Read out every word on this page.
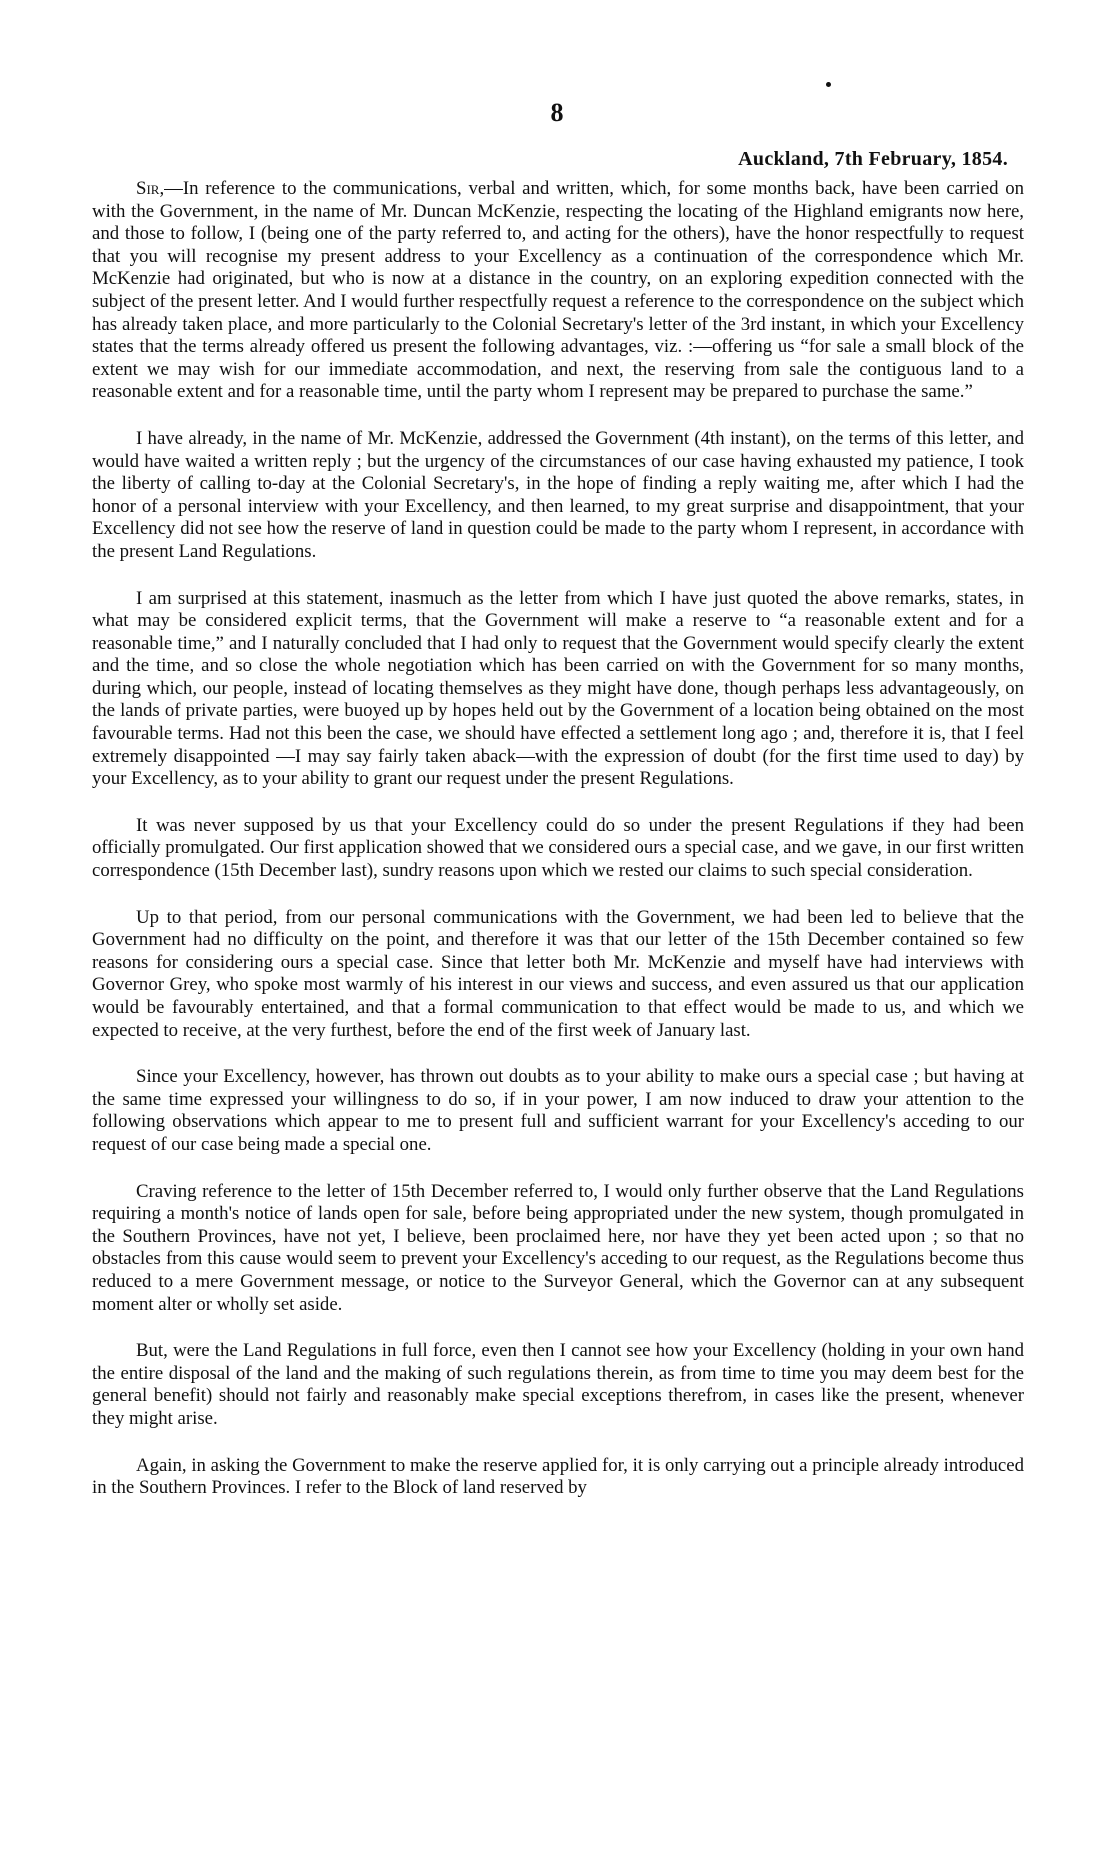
8
Auckland, 7th February, 1854.

Sir,—In reference to the communications, verbal and written, which, for some months back, have been carried on with the Government, in the name of Mr. Duncan McKenzie, respecting the locating of the Highland emigrants now here, and those to follow, I (being one of the party referred to, and acting for the others), have the honor respectfully to request that you will recognise my present address to your Excellency as a continuation of the correspondence which Mr. McKenzie had originated, but who is now at a distance in the country, on an exploring expedition connected with the subject of the present letter. And I would further respectfully request a reference to the correspondence on the subject which has already taken place, and more particularly to the Colonial Secretary's letter of the 3rd instant, in which your Excellency states that the terms already offered us present the following advantages, viz. :—offering us “for sale a small block of the extent we may wish for our immediate accommodation, and next, the reserving from sale the contiguous land to a reasonable extent and for a reasonable time, until the party whom I represent may be prepared to purchase the same.”

I have already, in the name of Mr. McKenzie, addressed the Government (4th instant), on the terms of this letter, and would have waited a written reply ; but the urgency of the circumstances of our case having exhausted my patience, I took the liberty of calling to-day at the Colonial Secretary's, in the hope of finding a reply waiting me, after which I had the honor of a personal interview with your Excellency, and then learned, to my great surprise and disappointment, that your Excellency did not see how the reserve of land in question could be made to the party whom I represent, in accordance with the present Land Regulations.

I am surprised at this statement, inasmuch as the letter from which I have just quoted the above remarks, states, in what may be considered explicit terms, that the Government will make a reserve to “a reasonable extent and for a reasonable time,” and I naturally concluded that I had only to request that the Government would specify clearly the extent and the time, and so close the whole negotiation which has been carried on with the Government for so many months, during which, our people, instead of locating themselves as they might have done, though perhaps less advantageously, on the lands of private parties, were buoyed up by hopes held out by the Government of a location being obtained on the most favourable terms. Had not this been the case, we should have effected a settlement long ago ; and, therefore it is, that I feel extremely disappointed —I may say fairly taken aback—with the expression of doubt (for the first time used to day) by your Excellency, as to your ability to grant our request under the present Regulations.

It was never supposed by us that your Excellency could do so under the present Regulations if they had been officially promulgated. Our first application showed that we considered ours a special case, and we gave, in our first written correspondence (15th December last), sundry reasons upon which we rested our claims to such special consideration.

Up to that period, from our personal communications with the Government, we had been led to believe that the Government had no difficulty on the point, and therefore it was that our letter of the 15th December contained so few reasons for considering ours a special case. Since that letter both Mr. McKenzie and myself have had interviews with Governor Grey, who spoke most warmly of his interest in our views and success, and even assured us that our application would be favourably entertained, and that a formal communication to that effect would be made to us, and which we expected to receive, at the very furthest, before the end of the first week of January last.

Since your Excellency, however, has thrown out doubts as to your ability to make ours a special case ; but having at the same time expressed your willingness to do so, if in your power, I am now induced to draw your attention to the following observations which appear to me to present full and sufficient warrant for your Excellency's acceding to our request of our case being made a special one.

Craving reference to the letter of 15th December referred to, I would only further observe that the Land Regulations requiring a month's notice of lands open for sale, before being appropriated under the new system, though promulgated in the Southern Provinces, have not yet, I believe, been proclaimed here, nor have they yet been acted upon ; so that no obstacles from this cause would seem to prevent your Excellency's acceding to our request, as the Regulations become thus reduced to a mere Government message, or notice to the Surveyor General, which the Governor can at any subsequent moment alter or wholly set aside.

But, were the Land Regulations in full force, even then I cannot see how your Excellency (holding in your own hand the entire disposal of the land and the making of such regulations therein, as from time to time you may deem best for the general benefit) should not fairly and reasonably make special exceptions therefrom, in cases like the present, whenever they might arise.

Again, in asking the Government to make the reserve applied for, it is only carrying out a principle already introduced in the Southern Provinces. I refer to the Block of land reserved by
